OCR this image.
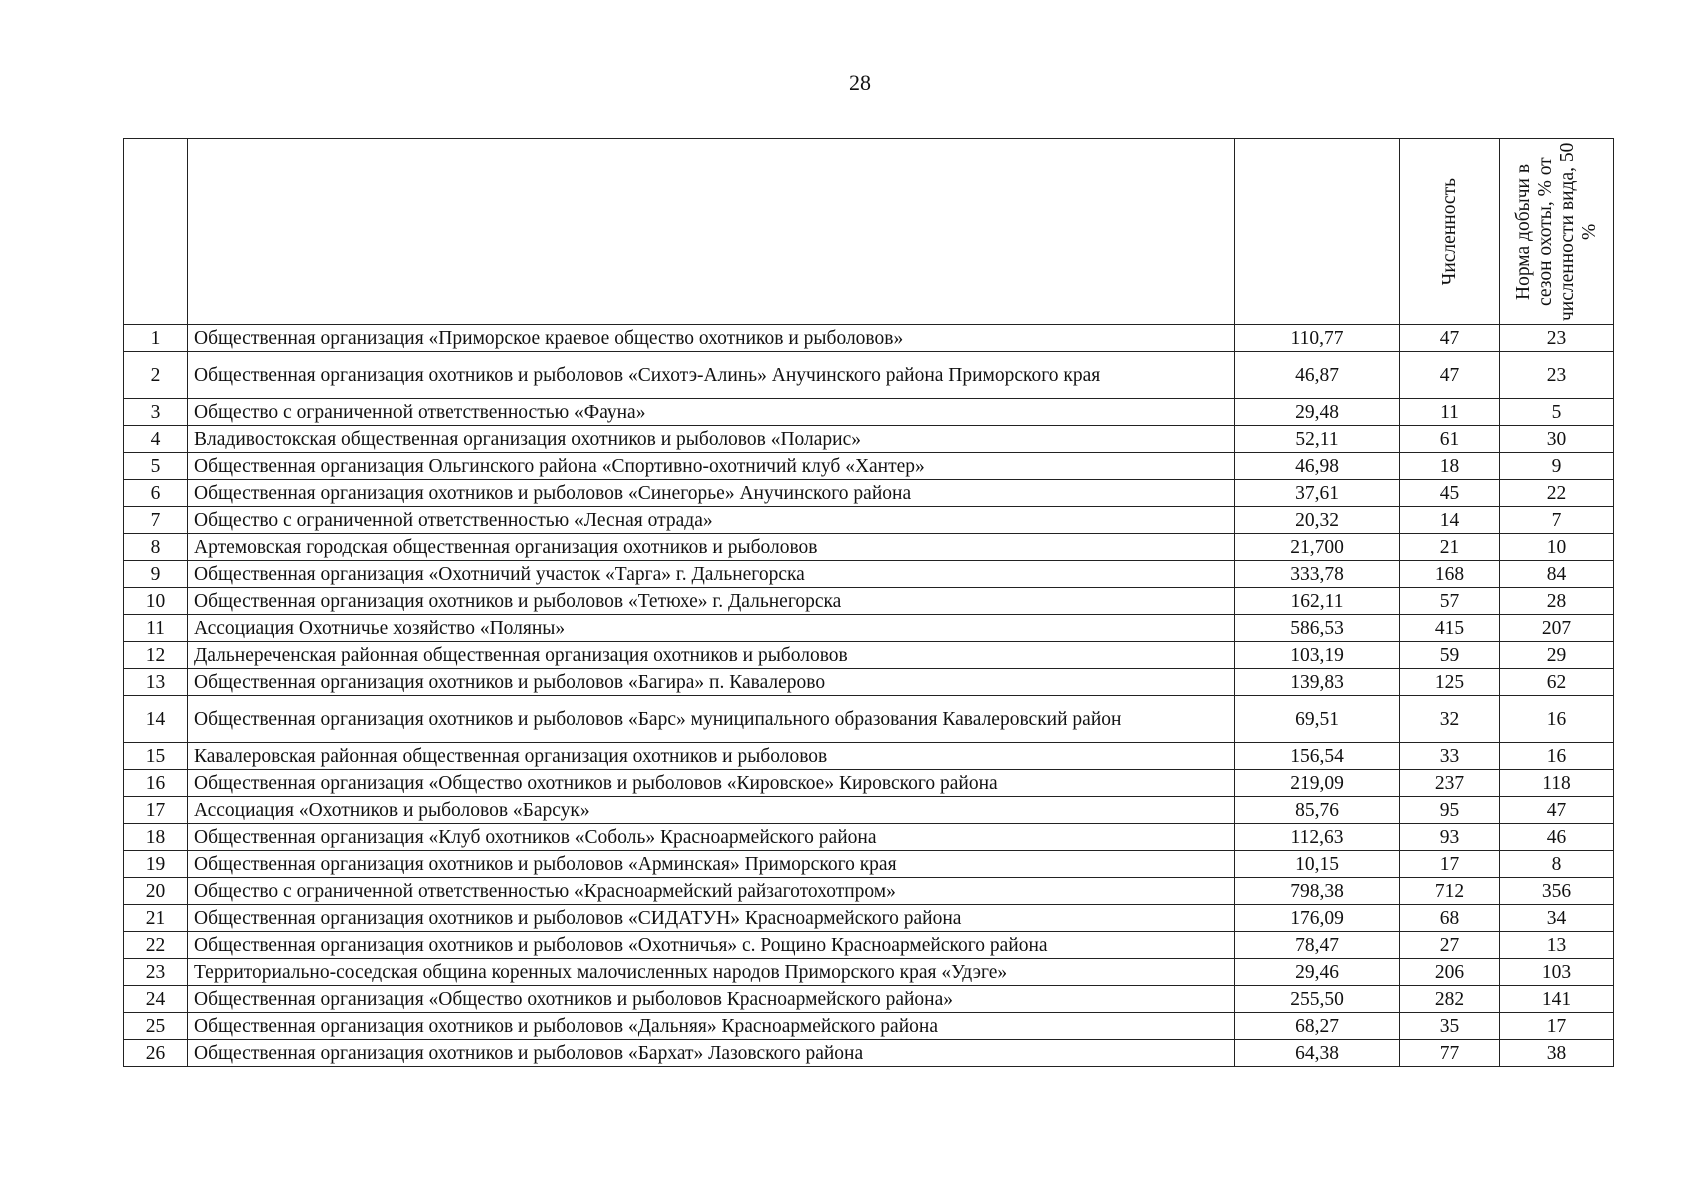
28

			Численность	Норма добычи в сезон охоты, % от численности вида, 50 %

1	Общественная организация «Приморское краевое общество охотников и рыболовов»	110,77	47	23
2	Общественная организация охотников и рыболовов «Сихотэ-Алинь» Анучинского района Приморского края	46,87	47	23
3	Общество с ограниченной ответственностью «Фауна»	29,48	11	5
4	Владивостокская общественная организация охотников и рыболовов «Поларис»	52,11	61	30
5	Общественная организация Ольгинского района «Спортивно-охотничий клуб «Хантер»	46,98	18	9
6	Общественная организация охотников и рыболовов «Синегорье» Анучинского района	37,61	45	22
7	Общество с ограниченной ответственностью «Лесная отрада»	20,32	14	7
8	Артемовская городская общественная организация охотников и рыболовов	21,700	21	10
9	Общественная организация «Охотничий участок «Тарга» г. Дальнегорска	333,78	168	84
10	Общественная организация охотников и рыболовов «Тетюхе» г. Дальнегорска	162,11	57	28
11	Ассоциация Охотничье хозяйство «Поляны»	586,53	415	207
12	Дальнереченская районная общественная организация охотников и рыболовов	103,19	59	29
13	Общественная организация охотников и рыболовов «Багира» п. Кавалерово	139,83	125	62
14	Общественная организация охотников и рыболовов «Барс» муниципального образования Кавалеровский район	69,51	32	16
15	Кавалеровская районная общественная организация охотников и рыболовов	156,54	33	16
16	Общественная организация «Общество охотников и рыболовов «Кировское» Кировского района	219,09	237	118
17	Ассоциация «Охотников и рыболовов «Барсук»	85,76	95	47
18	Общественная организация «Клуб охотников «Соболь» Красноармейского района	112,63	93	46
19	Общественная организация охотников и рыболовов «Арминская» Приморского края	10,15	17	8
20	Общество с ограниченной ответственностью «Красноармейский райзаготохотпром»	798,38	712	356
21	Общественная организация охотников и рыболовов «СИДАТУН» Красноармейского района	176,09	68	34
22	Общественная организация охотников и рыболовов «Охотничья» с. Рощино Красноармейского района	78,47	27	13
23	Территориально-соседская община коренных малочисленных народов Приморского края «Удэге»	29,46	206	103
24	Общественная организация «Общество охотников и рыболовов Красноармейского района»	255,50	282	141
25	Общественная организация охотников и рыболовов «Дальняя» Красноармейского района	68,27	35	17
26	Общественная организация охотников и рыболовов «Бархат» Лазовского района	64,38	77	38
